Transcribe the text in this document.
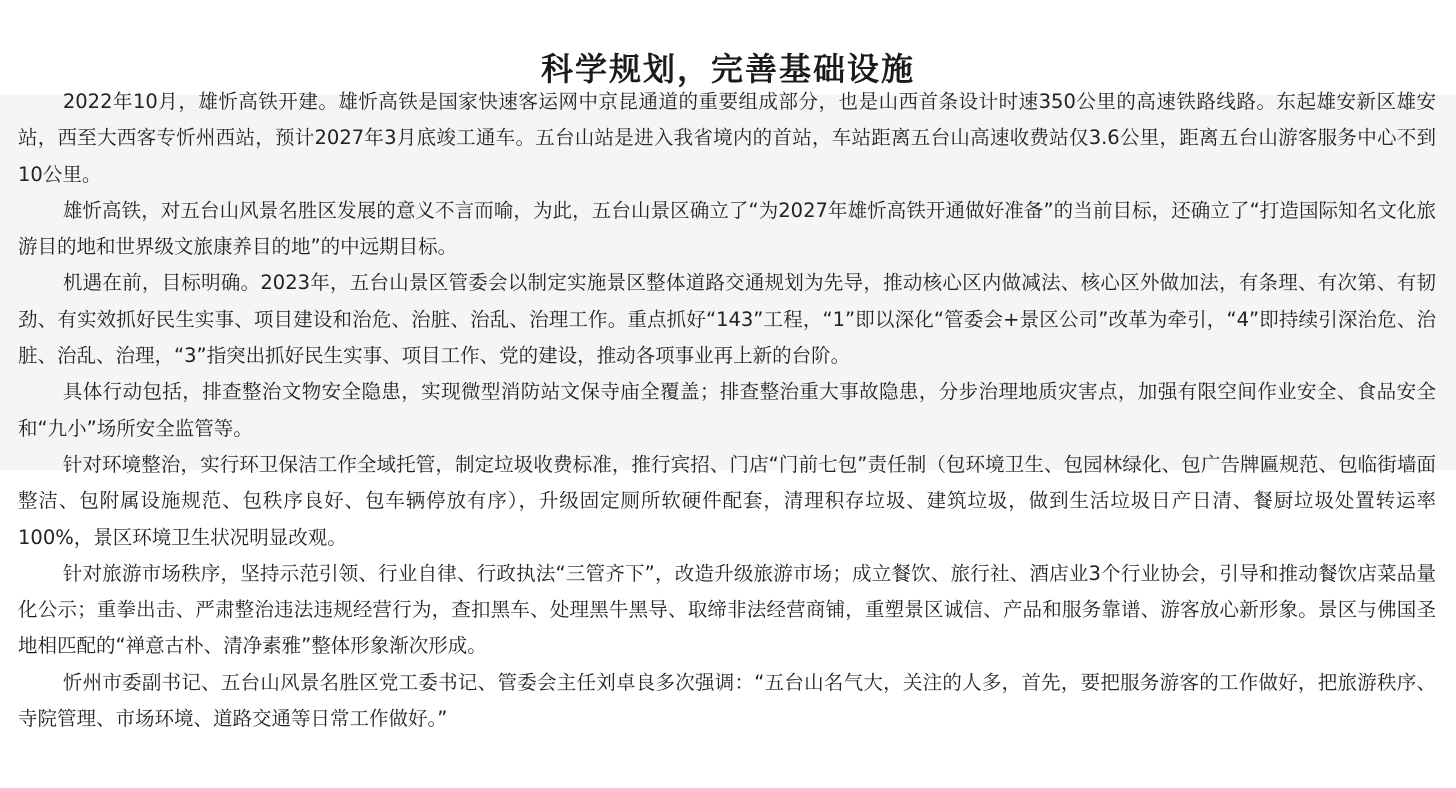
科学规划，完善基础设施

2022年10月，雄忻高铁开建。雄忻高铁是国家快速客运网中京昆通道的重要组成部分，也是山西首条设计时速350公里的高速铁路线路。东起雄安新区雄安站，西至大西客专忻州西站，预计2027年3月底竣工通车。五台山站是进入我省境内的首站，车站距离五台山高速收费站仅3.6公里，距离五台山游客服务中心不到10公里。

雄忻高铁，对五台山风景名胜区发展的意义不言而喻，为此，五台山景区确立了“为2027年雄忻高铁开通做好准备”的当前目标，还确立了“打造国际知名文化旅游目的地和世界级文旅康养目的地”的中远期目标。

机遇在前，目标明确。2023年，五台山景区管委会以制定实施景区整体道路交通规划为先导，推动核心区内做减法、核心区外做加法，有条理、有次第、有韧劲、有实效抓好民生实事、项目建设和治危、治脏、治乱、治理工作。重点抓好“143”工程，“1”即以深化“管委会+景区公司”改革为牵引，“4”即持续引深治危、治脏、治乱、治理，“3”指突出抓好民生实事、项目工作、党的建设，推动各项事业再上新的台阶。

具体行动包括，排查整治文物安全隐患，实现微型消防站文保寺庙全覆盖；排查整治重大事故隐患，分步治理地质灾害点，加强有限空间作业安全、食品安全和“九小”场所安全监管等。

针对环境整治，实行环卫保洁工作全域托管，制定垃圾收费标准，推行宾招、门店“门前七包”责任制（包环境卫生、包园林绿化、包广告牌匾规范、包临街墙面整洁、包附属设施规范、包秩序良好、包车辆停放有序），升级固定厕所软硬件配套，清理积存垃圾、建筑垃圾，做到生活垃圾日产日清、餐厨垃圾处置转运率100%，景区环境卫生状况明显改观。

针对旅游市场秩序，坚持示范引领、行业自律、行政执法“三管齐下”，改造升级旅游市场；成立餐饮、旅行社、酒店业3个行业协会，引导和推动餐饮店菜品量化公示；重拳出击、严肃整治违法违规经营行为，查扣黑车、处理黑牛黑导、取缔非法经营商铺，重塑景区诚信、产品和服务靠谱、游客放心新形象。景区与佛国圣地相匹配的“禅意古朴、清净素雅”整体形象渐次形成。

忻州市委副书记、五台山风景名胜区党工委书记、管委会主任刘卓良多次强调：“五台山名气大，关注的人多，首先，要把服务游客的工作做好，把旅游秩序、寺院管理、市场环境、道路交通等日常工作做好。”
